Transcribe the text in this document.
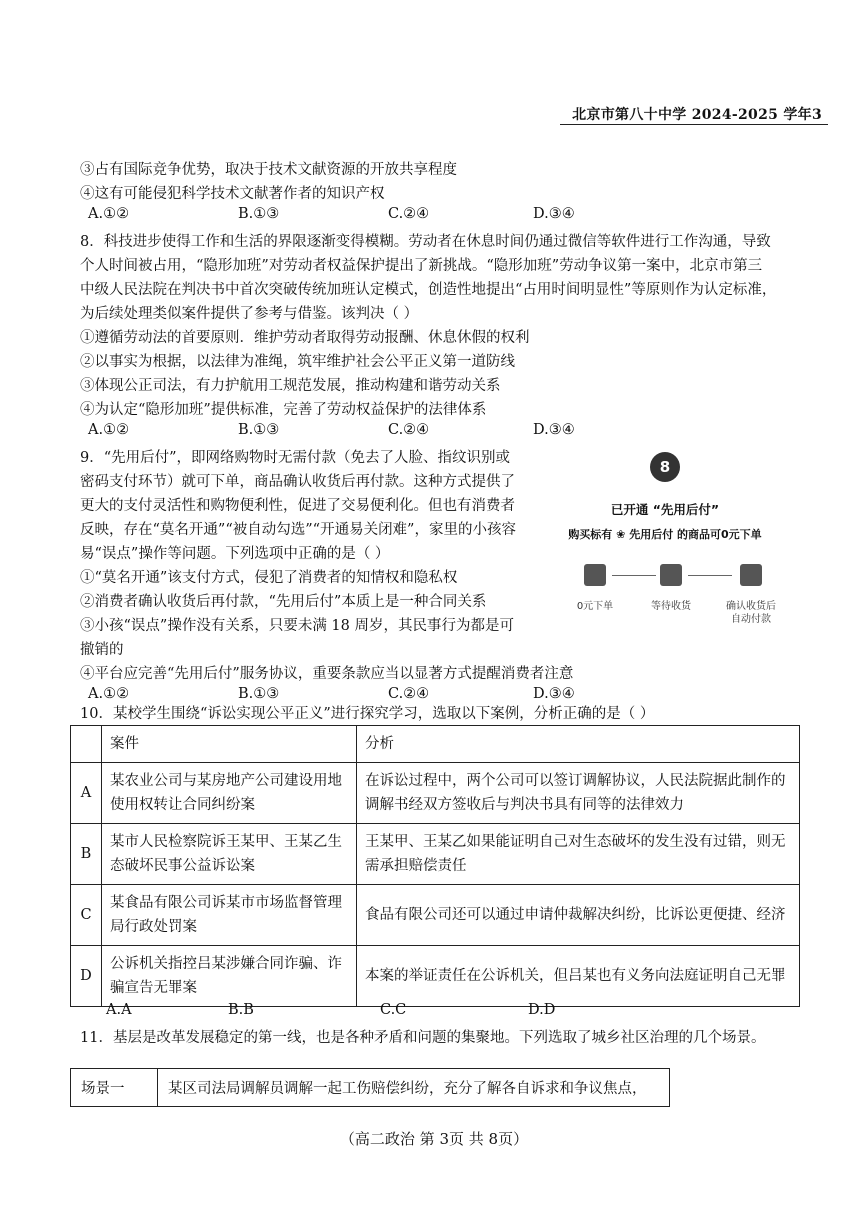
北京市第八十中学 2024-2025 学年3
③占有国际竞争优势，取决于技术文献资源的开放共享程度
④这有可能侵犯科学技术文献著作者的知识产权
A.①②	B.①③	C.②④	D.③④
8．科技进步使得工作和生活的界限逐渐变得模糊。劳动者在休息时间仍通过微信等软件进行工作沟通，导致
个人时间被占用，“隐形加班”对劳动者权益保护提出了新挑战。“隐形加班”劳动争议第一案中，北京市第三
中级人民法院在判决书中首次突破传统加班认定模式，创造性地提出“占用时间明显性”等原则作为认定标准，
为后续处理类似案件提供了参考与借鉴。该判决（ ）
①遵循劳动法的首要原则．维护劳动者取得劳动报酬、休息休假的权利
②以事实为根据，以法律为准绳，筑牢维护社会公平正义第一道防线
③体现公正司法，有力护航用工规范发展，推动构建和谐劳动关系
④为认定“隐形加班”提供标准，完善了劳动权益保护的法律体系
A.①②	B.①③	C.②④	D.③④
9．“先用后付”，即网络购物时无需付款（免去了人脸、指纹识别或
密码支付环节）就可下单，商品确认收货后再付款。这种方式提供了
更大的支付灵活性和购物便利性，促进了交易便利化。但也有消费者
反映，存在“莫名开通”“被自动勾选”“开通易关闭难”，家里的小孩容
易“误点”操作等问题。下列选项中正确的是（ ）
①“莫名开通”该支付方式，侵犯了消费者的知情权和隐私权
②消费者确认收货后再付款，“先用后付”本质上是一种合同关系
③小孩“误点”操作没有关系，只要未满 18 周岁，其民事行为都是可
撤销的
④平台应完善“先用后付”服务协议，重要条款应当以显著方式提醒消费者注意
A.①②	B.①③	C.②④	D.③④
8
已开通 “先用后付”
购买标有 ❀ 先用后付 的商品可0元下单
0元下单	等待收货	确认收货后
自动付款
10．某校学生围绕“诉讼实现公平正义”进行探究学习，选取以下案例，分析正确的是（ ）
	案件	分析
A	某农业公司与某房地产公司建设用地使用权转让合同纠纷案	在诉讼过程中，两个公司可以签订调解协议，人民法院据此制作的调解书经双方签收后与判决书具有同等的法律效力
B	某市人民检察院诉王某甲、王某乙生态破坏民事公益诉讼案	王某甲、王某乙如果能证明自己对生态破坏的发生没有过错，则无需承担赔偿责任
C	某食品有限公司诉某市市场监督管理局行政处罚案	食品有限公司还可以通过申请仲裁解决纠纷，比诉讼更便捷、经济
D	公诉机关指控吕某涉嫌合同诈骗、诈骗宣告无罪案	本案的举证责任在公诉机关，但吕某也有义务向法庭证明自己无罪
A.A	B.B	C.C	D.D
11．基层是改革发展稳定的第一线，也是各种矛盾和问题的集聚地。下列选取了城乡社区治理的几个场景。
场景一	某区司法局调解员调解一起工伤赔偿纠纷，充分了解各自诉求和争议焦点，
（高二政治 第 3页 共 8页）
